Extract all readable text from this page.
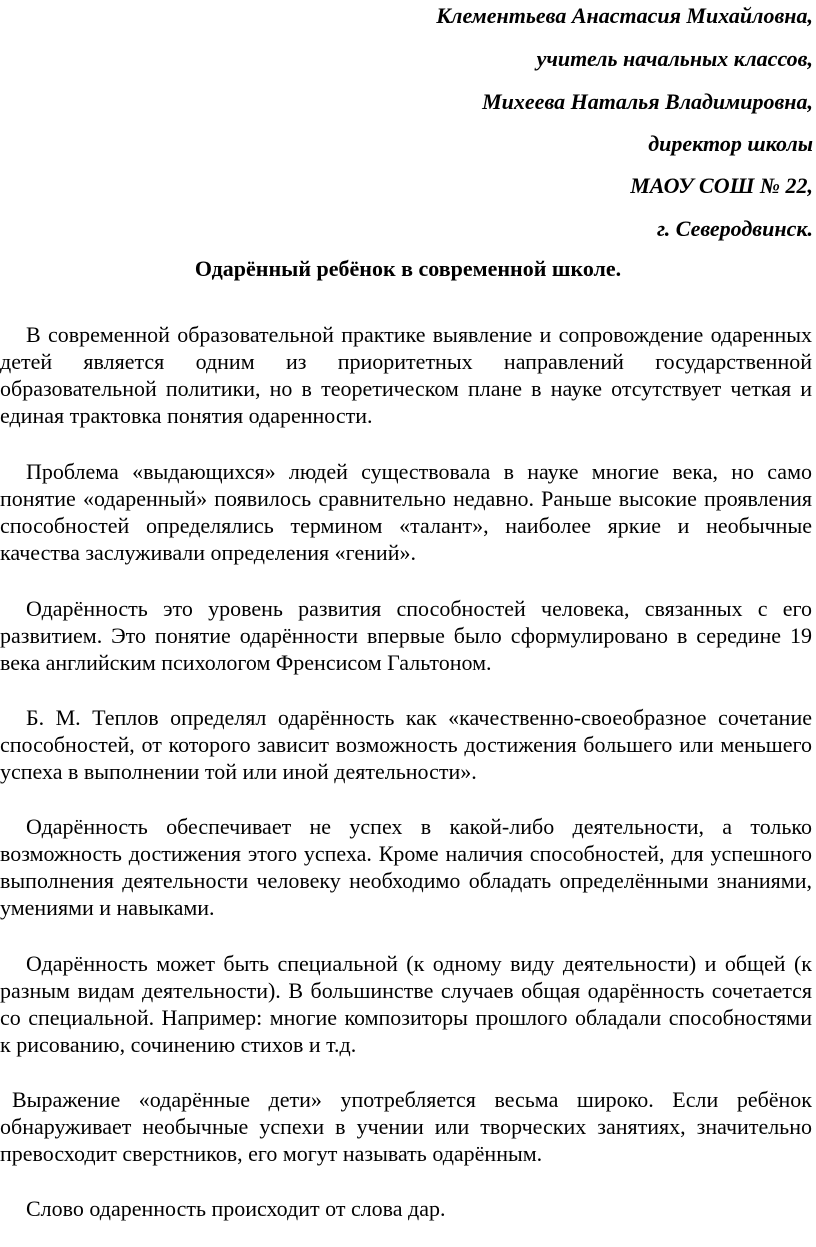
Клементьева Анастасия Михайловна,
учитель начальных классов,
Михеева Наталья Владимировна,
директор школы
МАОУ СОШ № 22,
г. Северодвинск.
Одарённый ребёнок в современной школе.
В современной образовательной практике выявление и сопровождение одаренных детей является одним из приоритетных направлений государственной образовательной политики, но в теоретическом плане в науке отсутствует четкая и единая трактовка понятия одаренности.
Проблема «выдающихся» людей существовала в науке многие века, но само понятие «одаренный» появилось сравнительно недавно. Раньше высокие проявления способностей определялись термином «талант», наиболее яркие и необычные качества заслуживали определения «гений».
Одарённость это уровень развития способностей человека, связанных с его развитием. Это понятие одарённости впервые было сформулировано в середине 19 века английским психологом Френсисом Гальтоном.
Б. М. Теплов определял одарённость как «качественно-своеобразное сочетание способностей, от которого зависит возможность достижения большего или меньшего успеха в выполнении той или иной деятельности».
Одарённость обеспечивает не успех в какой-либо деятельности, а только возможность достижения этого успеха. Кроме наличия способностей, для успешного выполнения деятельности человеку необходимо обладать определёнными знаниями, умениями и навыками.
Одарённость может быть специальной (к одному виду деятельности) и общей (к разным видам деятельности). В большинстве случаев общая одарённость сочетается со специальной. Например: многие композиторы прошлого обладали способностями к рисованию, сочинению стихов и т.д.
Выражение «одарённые дети» употребляется весьма широко. Если ребёнок обнаруживает необычные успехи в учении или творческих занятиях, значительно превосходит сверстников, его могут называть одарённым.
Слово одаренность происходит от слова дар.
